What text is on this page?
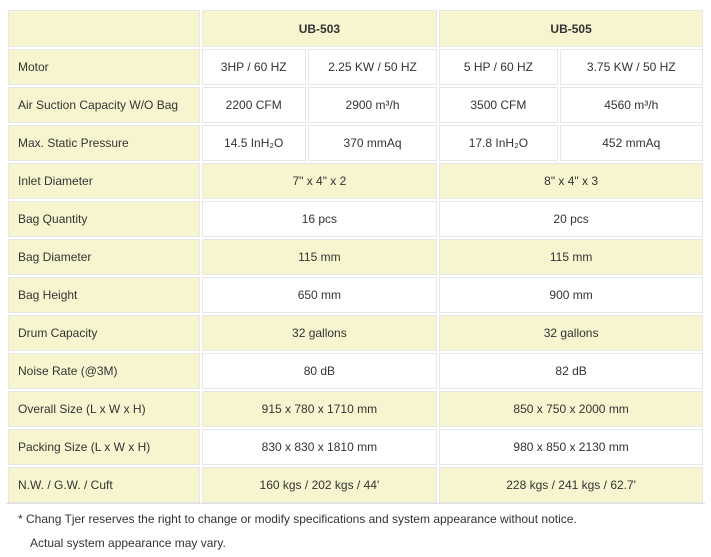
	UB-503		UB-505	
Motor	3HP / 60 HZ	2.25 KW / 50 HZ	5 HP / 60 HZ	3.75 KW / 50 HZ
Air Suction Capacity W/O Bag	2200 CFM	2900 m³/h	3500 CFM	4560 m³/h
Max. Static Pressure	14.5 InH₂O	370 mmAq	17.8 InH₂O	452 mmAq
Inlet Diameter	7" x 4" x 2		8" x 4" x 3	
Bag Quantity	16 pcs		20 pcs	
Bag Diameter	115 mm		115 mm	
Bag Height	650 mm		900 mm	
Drum Capacity	32 gallons		32 gallons	
Noise Rate (@3M)	80 dB		82 dB	
Overall Size (L x W x H)	915 x 780 x 1710 mm		850 x 750 x 2000 mm	
Packing Size (L x W x H)	830 x 830 x 1810 mm		980 x 850 x 2130 mm	
N.W. / G.W. / Cuft	160 kgs / 202 kgs / 44'		228 kgs / 241 kgs / 62.7'	
* Chang Tjer reserves the right to change or modify specifications and system appearance without notice.
Actual system appearance may vary.
